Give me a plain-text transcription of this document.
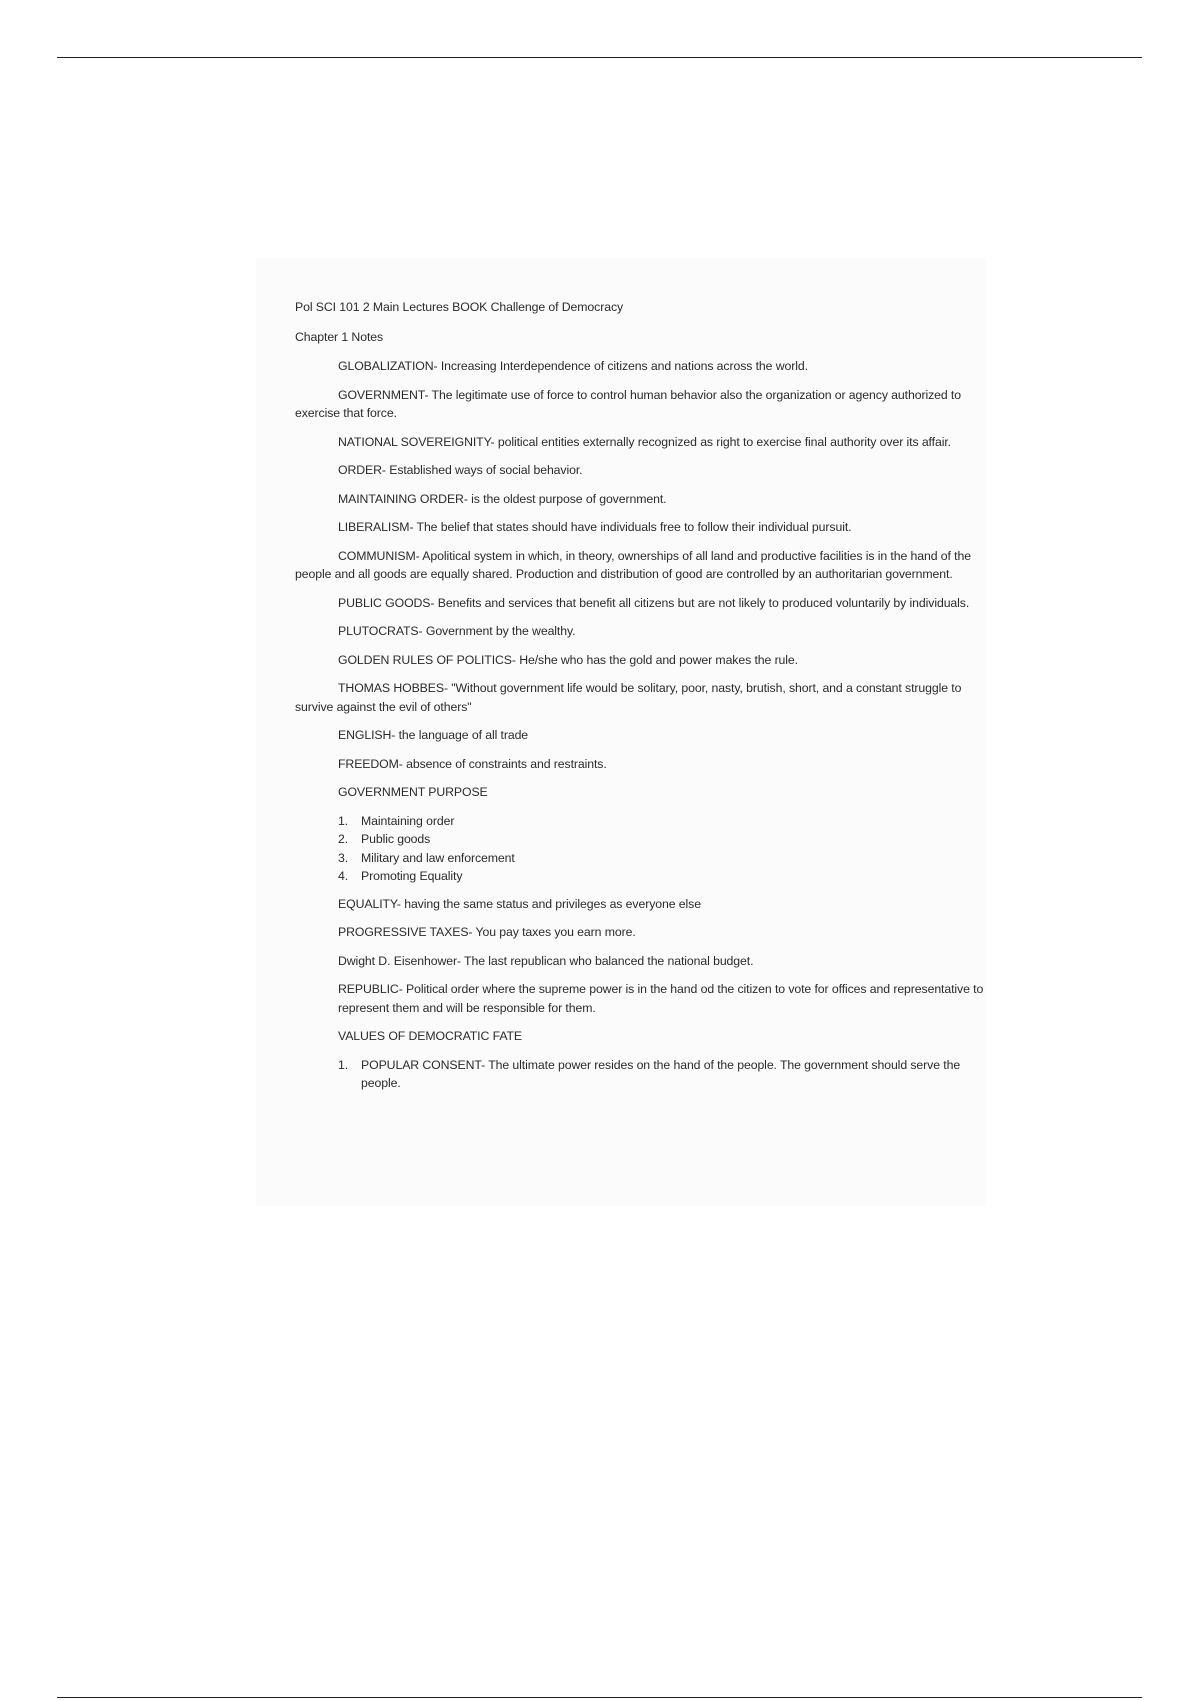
Pol SCI 101 2 Main Lectures BOOK Challenge of Democracy

Chapter 1 Notes

GLOBALIZATION- Increasing Interdependence of citizens and nations across the world.

GOVERNMENT- The legitimate use of force to control human behavior also the organization or agency authorized to exercise that force.

NATIONAL SOVEREIGNITY- political entities externally recognized as right to exercise final authority over its affair.

ORDER- Established ways of social behavior.

MAINTAINING ORDER- is the oldest purpose of government.

LIBERALISM- The belief that states should have individuals free to follow their individual pursuit.

COMMUNISM- Apolitical system in which, in theory, ownerships of all land and productive facilities is in the hand of the people and all goods are equally shared. Production and distribution of good are controlled by an authoritarian government.

PUBLIC GOODS- Benefits and services that benefit all citizens but are not likely to produced voluntarily by individuals.

PLUTOCRATS- Government by the wealthy.

GOLDEN RULES OF POLITICS- He/she who has the gold and power makes the rule.

THOMAS HOBBES- "Without government life would be solitary, poor, nasty, brutish, short, and a constant struggle to survive against the evil of others"

ENGLISH- the language of all trade

FREEDOM- absence of constraints and restraints.

GOVERNMENT PURPOSE

1. Maintaining order
2. Public goods
3. Military and law enforcement
4. Promoting Equality

EQUALITY- having the same status and privileges as everyone else

PROGRESSIVE TAXES- You pay taxes you earn more.

Dwight D. Eisenhower- The last republican who balanced the national budget.

REPUBLIC- Political order where the supreme power is in the hand od the citizen to vote for offices and representative to represent them and will be responsible for them.

VALUES OF DEMOCRATIC FATE

1. POPULAR CONSENT- The ultimate power resides on the hand of the people. The government should serve the people.
